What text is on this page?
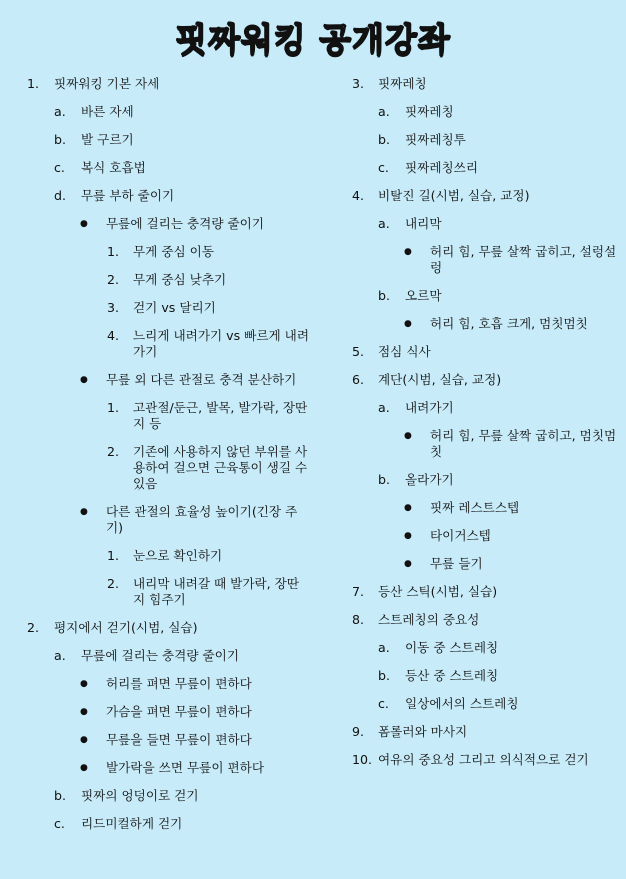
핏짜워킹 공개강좌
1.	핏짜워킹 기본 자세
a.	바른 자세
b.	발 구르기
c.	복식 호흡법
d.	무릎 부하 줄이기
●	무릎에 걸리는 충격량 줄이기
1.	무게 중심 이동
2.	무게 중심 낮추기
3.	걷기 vs 달리기
4.	느리게 내려가기 vs 빠르게 내려가기
●	무릎 외 다른 관절로 충격 분산하기
1.	고관절/둔근, 발목, 발가락, 장딴지 등
2.	기존에 사용하지 않던 부위를 사용하여 걸으면 근육통이 생길 수 있음
●	다른 관절의 효율성 높이기(긴장 주기)
1.	눈으로 확인하기
2.	내리막 내려갈 때 발가락, 장딴지 힘주기
2.	평지에서 걷기(시범, 실습)
a.	무릎에 걸리는 충격량 줄이기
●	허리를 펴면 무릎이 편하다
●	가슴을 펴면 무릎이 편하다
●	무릎을 들면 무릎이 편하다
●	발가락을 쓰면 무릎이 편하다
b.	핏짜의 엉덩이로 걷기
c.	리드미컬하게 걷기
3.	핏짜레칭
a.	핏짜레칭
b.	핏짜레칭투
c.	핏짜레칭쓰리
4.	비탈진 길(시범, 실습, 교정)
a.	내리막
●	허리 힘, 무릎 살짝 굽히고, 설렁설렁
b.	오르막
●	허리 힘, 호흡 크게, 멈칫멈칫
5.	점심 식사
6.	계단(시범, 실습, 교정)
a.	내려가기
●	허리 힘, 무릎 살짝 굽히고, 멈칫멈칫
b.	올라가기
●	핏짜 레스트스텝
●	타이거스텝
●	무릎 들기
7.	등산 스틱(시범, 실습)
8.	스트레칭의 중요성
a.	이동 중 스트레칭
b.	등산 중 스트레칭
c.	일상에서의 스트레칭
9.	폼롤러와 마사지
10. 여유의 중요성 그리고 의식적으로 걷기
